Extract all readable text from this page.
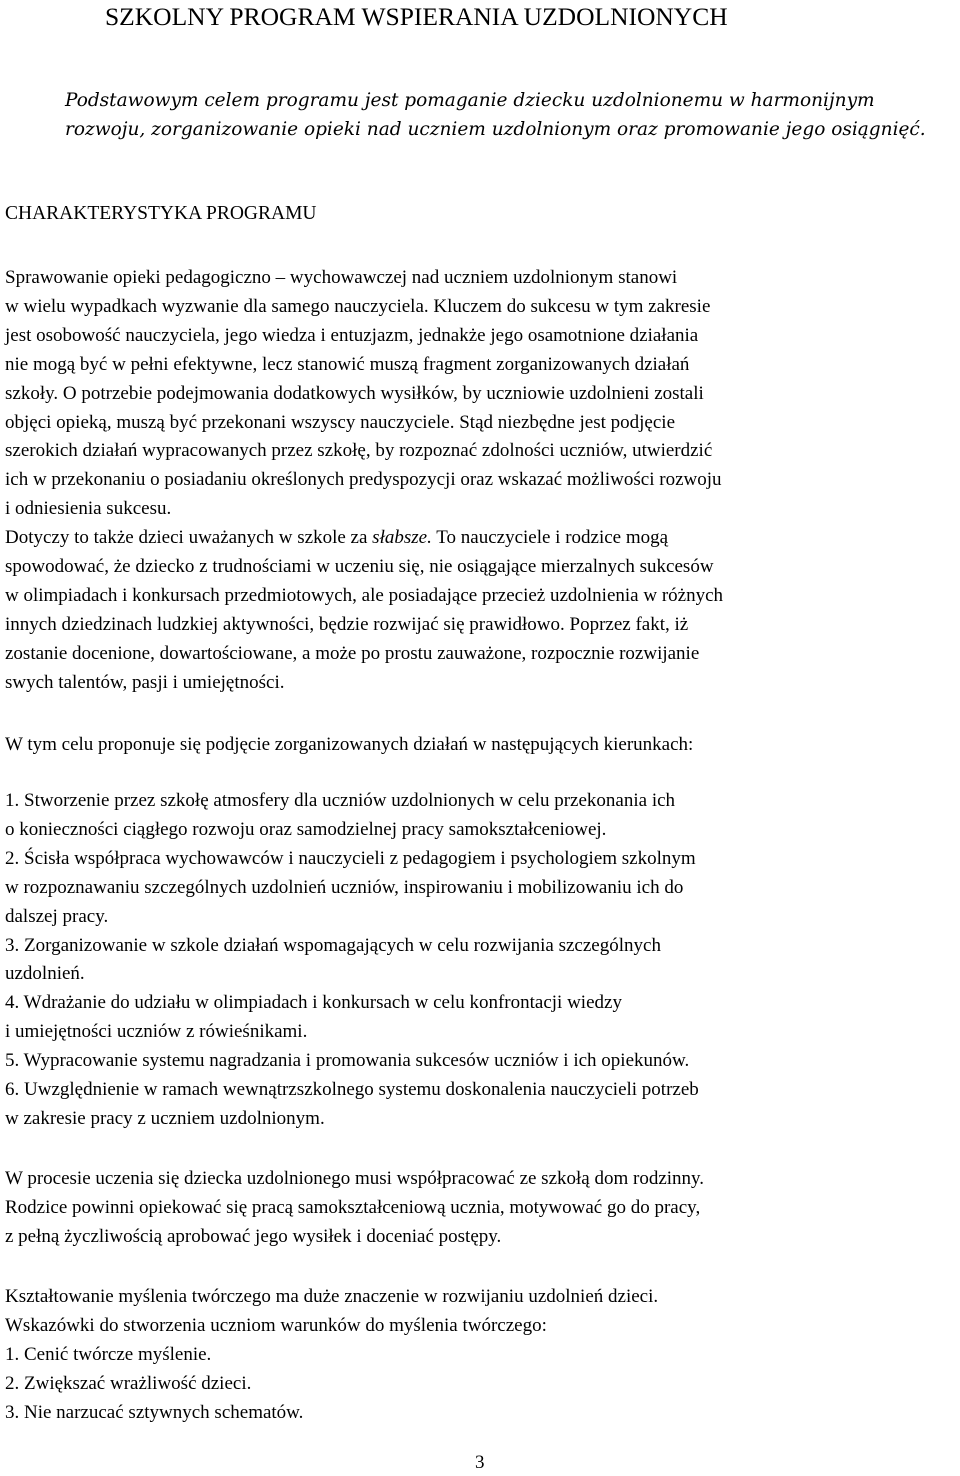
SZKOLNY PROGRAM WSPIERANIA UZDOLNIONYCH
Podstawowym celem programu jest pomaganie dziecku uzdolnionemu w harmonijnym
rozwoju, zorganizowanie opieki nad uczniem uzdolnionym oraz promowanie jego osiągnięć.
CHARAKTERYSTYKA PROGRAMU
Sprawowanie opieki pedagogiczno – wychowawczej nad uczniem uzdolnionym stanowi
w wielu wypadkach wyzwanie dla samego nauczyciela. Kluczem do sukcesu w tym zakresie
jest osobowość nauczyciela, jego wiedza i entuzjazm, jednakże jego osamotnione działania
nie mogą być w pełni efektywne, lecz stanowić muszą fragment zorganizowanych działań
szkoły. O potrzebie podejmowania dodatkowych wysiłków, by uczniowie uzdolnieni zostali
objęci opieką, muszą być przekonani wszyscy nauczyciele. Stąd niezbędne jest podjęcie
szerokich działań wypracowanych przez szkołę, by rozpoznać zdolności uczniów, utwierdzić
ich w przekonaniu o posiadaniu określonych predyspozycji oraz wskazać możliwości rozwoju
i odniesienia sukcesu.
Dotyczy to także dzieci uważanych w szkole za słabsze. To nauczyciele i rodzice mogą
spowodować, że dziecko z trudnościami w uczeniu się, nie osiągające mierzalnych sukcesów
w olimpiadach i konkursach przedmiotowych, ale posiadające przecież uzdolnienia w różnych
innych dziedzinach ludzkiej aktywności, będzie rozwijać się prawidłowo. Poprzez fakt, iż
zostanie docenione, dowartościowane, a może po prostu zauważone, rozpocznie rozwijanie
swych talentów, pasji i umiejętności.
W tym celu proponuje się podjęcie zorganizowanych działań w następujących kierunkach:
1. Stworzenie przez szkołę atmosfery dla uczniów uzdolnionych w celu przekonania ich
o konieczności ciągłego rozwoju oraz samodzielnej pracy samokształceniowej.
2. Ścisła współpraca wychowawców i nauczycieli z pedagogiem i psychologiem szkolnym
w rozpoznawaniu szczególnych uzdolnień uczniów, inspirowaniu i mobilizowaniu ich do
dalszej pracy.
3. Zorganizowanie w szkole działań wspomagających w celu rozwijania szczególnych
uzdolnień.
4. Wdrażanie do udziału w olimpiadach i konkursach w celu konfrontacji wiedzy
i umiejętności uczniów z rówieśnikami.
5. Wypracowanie systemu nagradzania i promowania sukcesów uczniów i ich opiekunów.
6. Uwzględnienie w ramach wewnątrzszkolnego systemu doskonalenia nauczycieli potrzeb
w zakresie pracy z uczniem uzdolnionym.
W procesie uczenia się dziecka uzdolnionego musi współpracować ze szkołą dom rodzinny.
Rodzice powinni opiekować się pracą samokształceniową ucznia, motywować go do pracy,
z pełną życzliwością aprobować jego wysiłek i doceniać postępy.
Kształtowanie myślenia twórczego ma duże znaczenie w rozwijaniu uzdolnień dzieci.
Wskazówki do stworzenia uczniom warunków do myślenia twórczego:
1. Cenić twórcze myślenie.
2. Zwiększać wrażliwość dzieci.
3. Nie narzucać sztywnych schematów.
3
